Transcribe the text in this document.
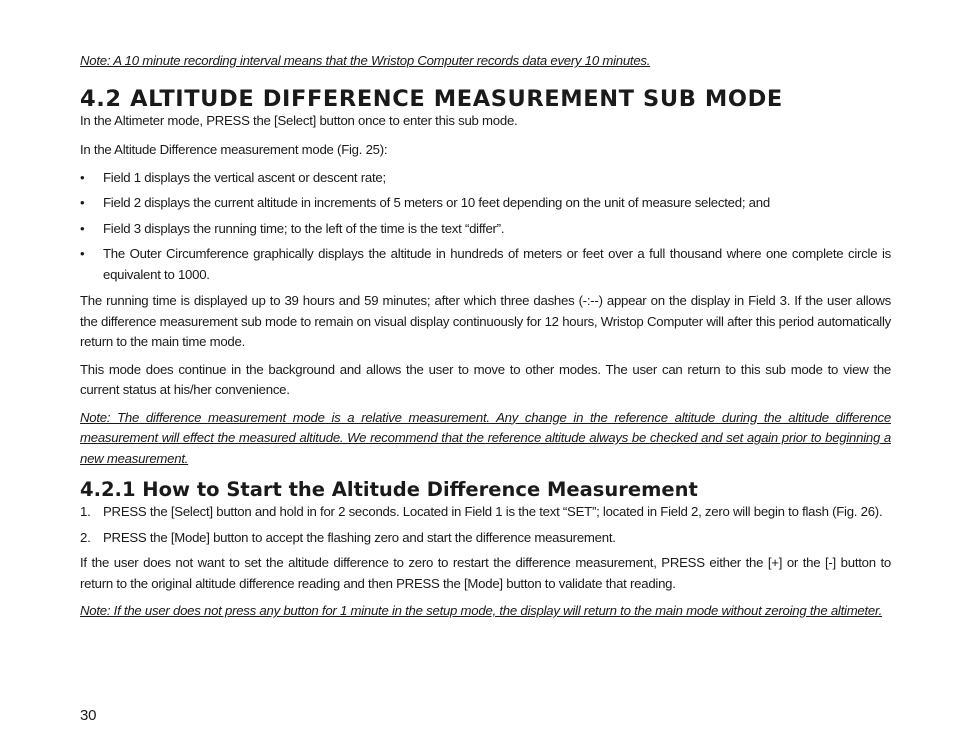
Note: A 10 minute recording interval means that the Wristop Computer records data every 10 minutes.

4.2 ALTITUDE DIFFERENCE MEASUREMENT SUB MODE

In the Altimeter mode, PRESS the [Select] button once to enter this sub mode.

In the Altitude Difference measurement mode (Fig. 25):

• Field 1 displays the vertical ascent or descent rate;
• Field 2 displays the current altitude in increments of 5 meters or 10 feet depending on the unit of measure selected; and
• Field 3 displays the running time; to the left of the time is the text “differ”.
• The Outer Circumference graphically displays the altitude in hundreds of meters or feet over a full thousand where one complete circle is equivalent to 1000.

The running time is displayed up to 39 hours and 59 minutes; after which three dashes (-:--) appear on the display in Field 3. If the user allows the difference measurement sub mode to remain on visual display continuously for 12 hours, Wristop Computer will after this period automatically return to the main time mode.

This mode does continue in the background and allows the user to move to other modes. The user can return to this sub mode to view the current status at his/her convenience.

Note: The difference measurement mode is a relative measurement. Any change in the reference altitude during the altitude difference measurement will effect the measured altitude. We recommend that the reference altitude always be checked and set again prior to beginning a new measurement.

4.2.1 How to Start the Altitude Difference Measurement
1. PRESS the [Select] button and hold in for 2 seconds. Located in Field 1 is the text “SET”; located in Field 2, zero will begin to flash (Fig. 26).
2. PRESS the [Mode] button to accept the flashing zero and start the difference measurement.

If the user does not want to set the altitude difference to zero to restart the difference measurement, PRESS either the [+] or the [-] button to return to the original altitude difference reading and then PRESS the [Mode] button to validate that reading.

Note: If the user does not press any button for 1 minute in the setup mode, the display will return to the main mode without zeroing the altimeter.

30
